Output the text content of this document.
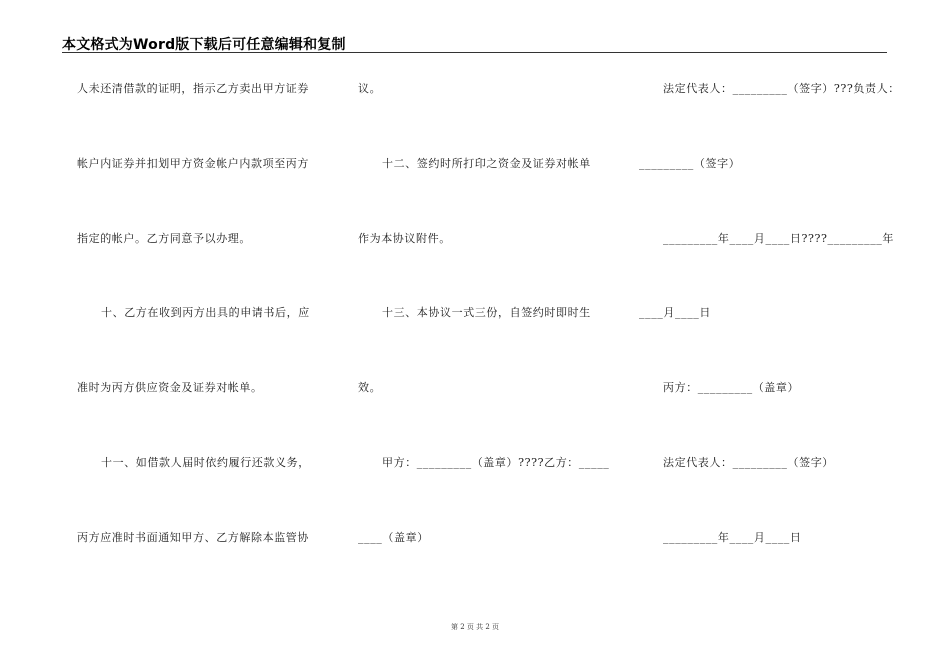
本文格式为Word版下载后可任意编辑和复制
人未还清借款的证明，指示乙方卖出甲方证券
帐户内证券并扣划甲方资金帐户内款项至丙方
指定的帐户。乙方同意予以办理。
十、乙方在收到丙方出具的申请书后，应
准时为丙方供应资金及证券对帐单。
十一、如借款人届时依约履行还款义务，
丙方应准时书面通知甲方、乙方解除本监管协
议。
十二、签约时所打印之资金及证券对帐单
作为本协议附件。
十三、本协议一式三份，自签约时即时生
效。
甲方：_________（盖章）????乙方：_____
____（盖章）
法定代表人：_________（签字）???负责人：
_________（签字）
_________年____月____日????_________年
____月____日
丙方：_________（盖章）
法定代表人：_________（签字）
_________年____月____日
第 2 页 共 2 页
